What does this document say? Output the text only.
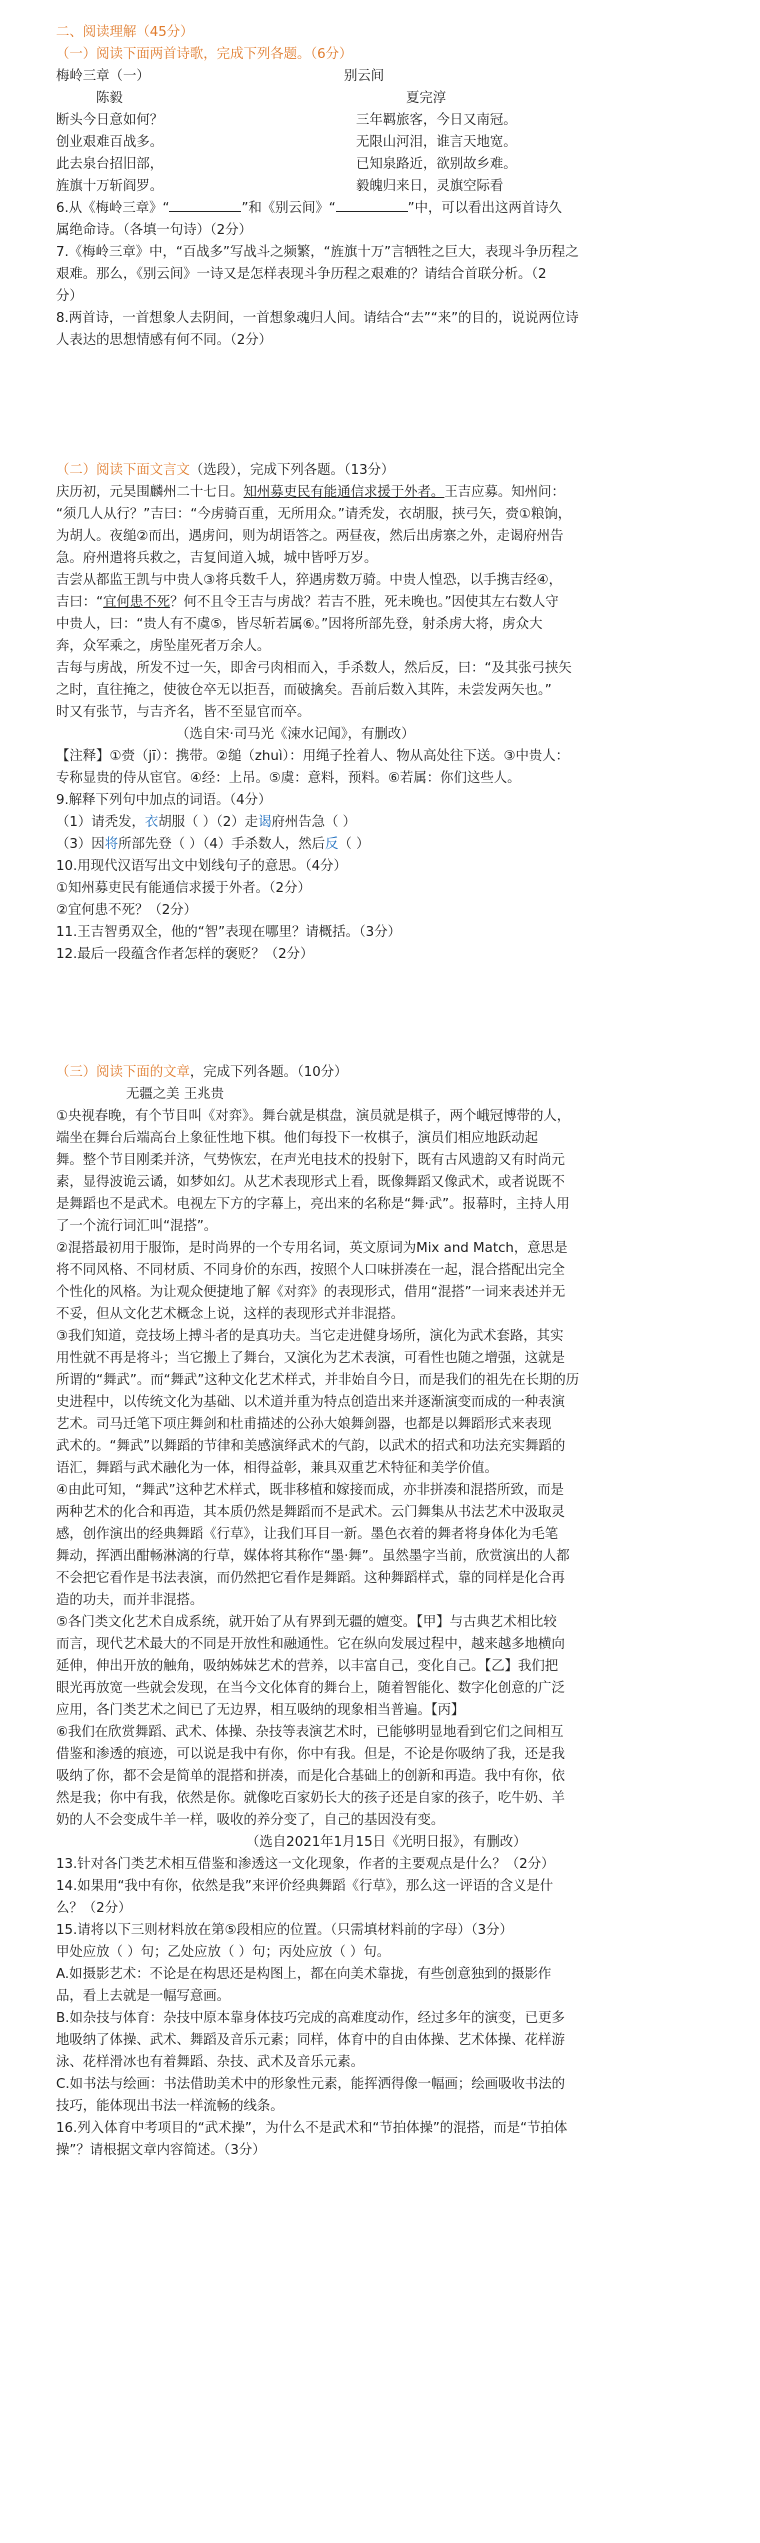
二、阅读理解（45分）
（一）阅读下面两首诗歌，完成下列各题。（6分）
梅岭三章（一）	别云间
陈毅	夏完淳
断头今日意如何？	三年羁旅客，今日又南冠。
创业艰难百战多。	无限山河泪，谁言天地宽。
此去泉台招旧部，	已知泉路近，欲别故乡难。
旌旗十万斩阎罗。	毅魄归来日，灵旗空际看
6.从《梅岭三章》“	”和《别云间》“	”中，可以看出这两首诗久
属绝命诗。（各填一句诗）（2分）
7.《梅岭三章》中，“百战多”写战斗之频繁，“旌旗十万”言牺牲之巨大，表现斗争历程之
艰难。那么，《别云间》一诗又是怎样表现斗争历程之艰难的？请结合首联分析。（2
分）
8.两首诗，一首想象人去阴间，一首想象魂归人间。请结合“去”“来”的目的，说说两位诗
人表达的思想情感有何不同。（2分）
（二）阅读下面文言文（选段），完成下列各题。（13分）
庆历初，元昊围麟州二十七日。知州募吏民有能通信求援于外者。王吉应募。知州问：
“须几人从行？”吉曰：“今虏骑百重，无所用众。”请秃发，衣胡服，挟弓矢，赍①粮饷，
为胡人。夜缒②而出，遇虏问，则为胡语答之。两昼夜，然后出虏寨之外，走谒府州告
急。府州遣将兵救之，吉复间道入城，城中皆呼万岁。
吉尝从都监王凯与中贵人③将兵数千人，猝遇虏数万骑。中贵人惶恐，以手携吉经④，
吉曰：“宜何患不死？何不且令王吉与虏战？若吉不胜，死未晚也。”因使其左右数人守
中贵人，曰：“贵人有不虞⑤，皆尽斩若属⑥。”因将所部先登，射杀虏大将，虏众大
奔，众军乘之，虏坠崖死者万余人。
吉每与虏战，所发不过一矢，即舍弓肉相而入，手杀数人，然后反，曰：“及其张弓挟矢
之时，直往掩之，使彼仓卒无以拒吾，而破擒矣。吾前后数入其阵，未尝发两矢也。”
时又有张节，与吉齐名，皆不至显官而卒。
（选自宋·司马光《涑水记闻》，有删改）
【注释】①赍（jī）：携带。②缒（zhuì）：用绳子拴着人、物从高处往下送。③中贵人：
专称显贵的侍从宦官。④经：上吊。⑤虞：意料，预料。⑥若属：你们这些人。
9.解释下列句中加点的词语。（4分）
（1）请秃发，衣胡服（ ）（2）走谒府州告急（ ）
（3）因将所部先登（ ）（4）手杀数人，然后反（ ）
10.用现代汉语写出文中划线句子的意思。（4分）
①知州募吏民有能通信求援于外者。（2分）
②宜何患不死？（2分）
11.王吉智勇双全，他的“智”表现在哪里？请概括。（3分）
12.最后一段蕴含作者怎样的褒贬？（2分）
（三）阅读下面的文章，完成下列各题。（10分）
无疆之美 王兆贵
①央视春晚，有个节目叫《对弈》。舞台就是棋盘，演员就是棋子，两个峨冠博带的人，
端坐在舞台后端高台上象征性地下棋。他们每投下一枚棋子，演员们相应地跃动起
舞。整个节目刚柔并济，气势恢宏，在声光电技术的投射下，既有古风遗韵又有时尚元
素，显得波诡云谲，如梦如幻。从艺术表现形式上看，既像舞蹈又像武术，或者说既不
是舞蹈也不是武术。电视左下方的字幕上，亮出来的名称是“舞·武”。报幕时，主持人用
了一个流行词汇叫“混搭”。
②混搭最初用于服饰，是时尚界的一个专用名词，英文原词为Mix and Match，意思是
将不同风格、不同材质、不同身价的东西，按照个人口味拼凑在一起，混合搭配出完全
个性化的风格。为让观众便捷地了解《对弈》的表现形式，借用“混搭”一词来表述并无
不妥，但从文化艺术概念上说，这样的表现形式并非混搭。
③我们知道，竞技场上搏斗者的是真功夫。当它走进健身场所，演化为武术套路，其实
用性就不再是将斗；当它搬上了舞台，又演化为艺术表演，可看性也随之增强，这就是
所谓的“舞武”。而“舞武”这种文化艺术样式，并非始自今日，而是我们的祖先在长期的历
史进程中，以传统文化为基础、以术道并重为特点创造出来并逐渐演变而成的一种表演
艺术。司马迁笔下项庄舞剑和杜甫描述的公孙大娘舞剑器，也都是以舞蹈形式来表现
武术的。“舞武”以舞蹈的节律和美感演绎武术的气韵，以武术的招式和功法充实舞蹈的
语汇，舞蹈与武术融化为一体，相得益彰，兼具双重艺术特征和美学价值。
④由此可知，“舞武”这种艺术样式，既非移植和嫁接而成，亦非拼凑和混搭所致，而是
两种艺术的化合和再造，其本质仍然是舞蹈而不是武术。云门舞集从书法艺术中汲取灵
感，创作演出的经典舞蹈《行草》，让我们耳目一新。墨色衣着的舞者将身体化为毛笔
舞动，挥洒出酣畅淋漓的行草，媒体将其称作“墨·舞”。虽然墨字当前，欣赏演出的人都
不会把它看作是书法表演，而仍然把它看作是舞蹈。这种舞蹈样式，靠的同样是化合再
造的功夫，而并非混搭。
⑤各门类文化艺术自成系统，就开始了从有界到无疆的嬗变。【甲】与古典艺术相比较
而言，现代艺术最大的不同是开放性和融通性。它在纵向发展过程中，越来越多地横向
延伸，伸出开放的触角，吸纳姊妹艺术的营养，以丰富自己，变化自己。【乙】我们把
眼光再放宽一些就会发现，在当今文化体育的舞台上，随着智能化、数字化创意的广泛
应用，各门类艺术之间已了无边界，相互吸纳的现象相当普遍。【丙】
⑥我们在欣赏舞蹈、武术、体操、杂技等表演艺术时，已能够明显地看到它们之间相互
借鉴和渗透的痕迹，可以说是我中有你，你中有我。但是，不论是你吸纳了我，还是我
吸纳了你，都不会是简单的混搭和拼凑，而是化合基础上的创新和再造。我中有你，依
然是我；你中有我，依然是你。就像吃百家奶长大的孩子还是自家的孩子，吃牛奶、羊
奶的人不会变成牛羊一样，吸收的养分变了，自己的基因没有变。
（选自2021年1月15日《光明日报》，有删改）
13.针对各门类艺术相互借鉴和渗透这一文化现象，作者的主要观点是什么？（2分）
14.如果用“我中有你，依然是我”来评价经典舞蹈《行草》，那么这一评语的含义是什
么？（2分）
15.请将以下三则材料放在第⑤段相应的位置。（只需填材料前的字母）（3分）
甲处应放（ ）句；乙处应放（ ）句；丙处应放（ ）句。
A.如摄影艺术：不论是在构思还是构图上，都在向美术靠拢，有些创意独到的摄影作
品，看上去就是一幅写意画。
B.如杂技与体育：杂技中原本靠身体技巧完成的高难度动作，经过多年的演变，已更多
地吸纳了体操、武术、舞蹈及音乐元素；同样，体育中的自由体操、艺术体操、花样游
泳、花样滑冰也有着舞蹈、杂技、武术及音乐元素。
C.如书法与绘画：书法借助美术中的形象性元素，能挥洒得像一幅画；绘画吸收书法的
技巧，能体现出书法一样流畅的线条。
16.列入体育中考项目的“武术操”，为什么不是武术和“节拍体操”的混搭，而是“节拍体
操”？请根据文章内容简述。（3分）
